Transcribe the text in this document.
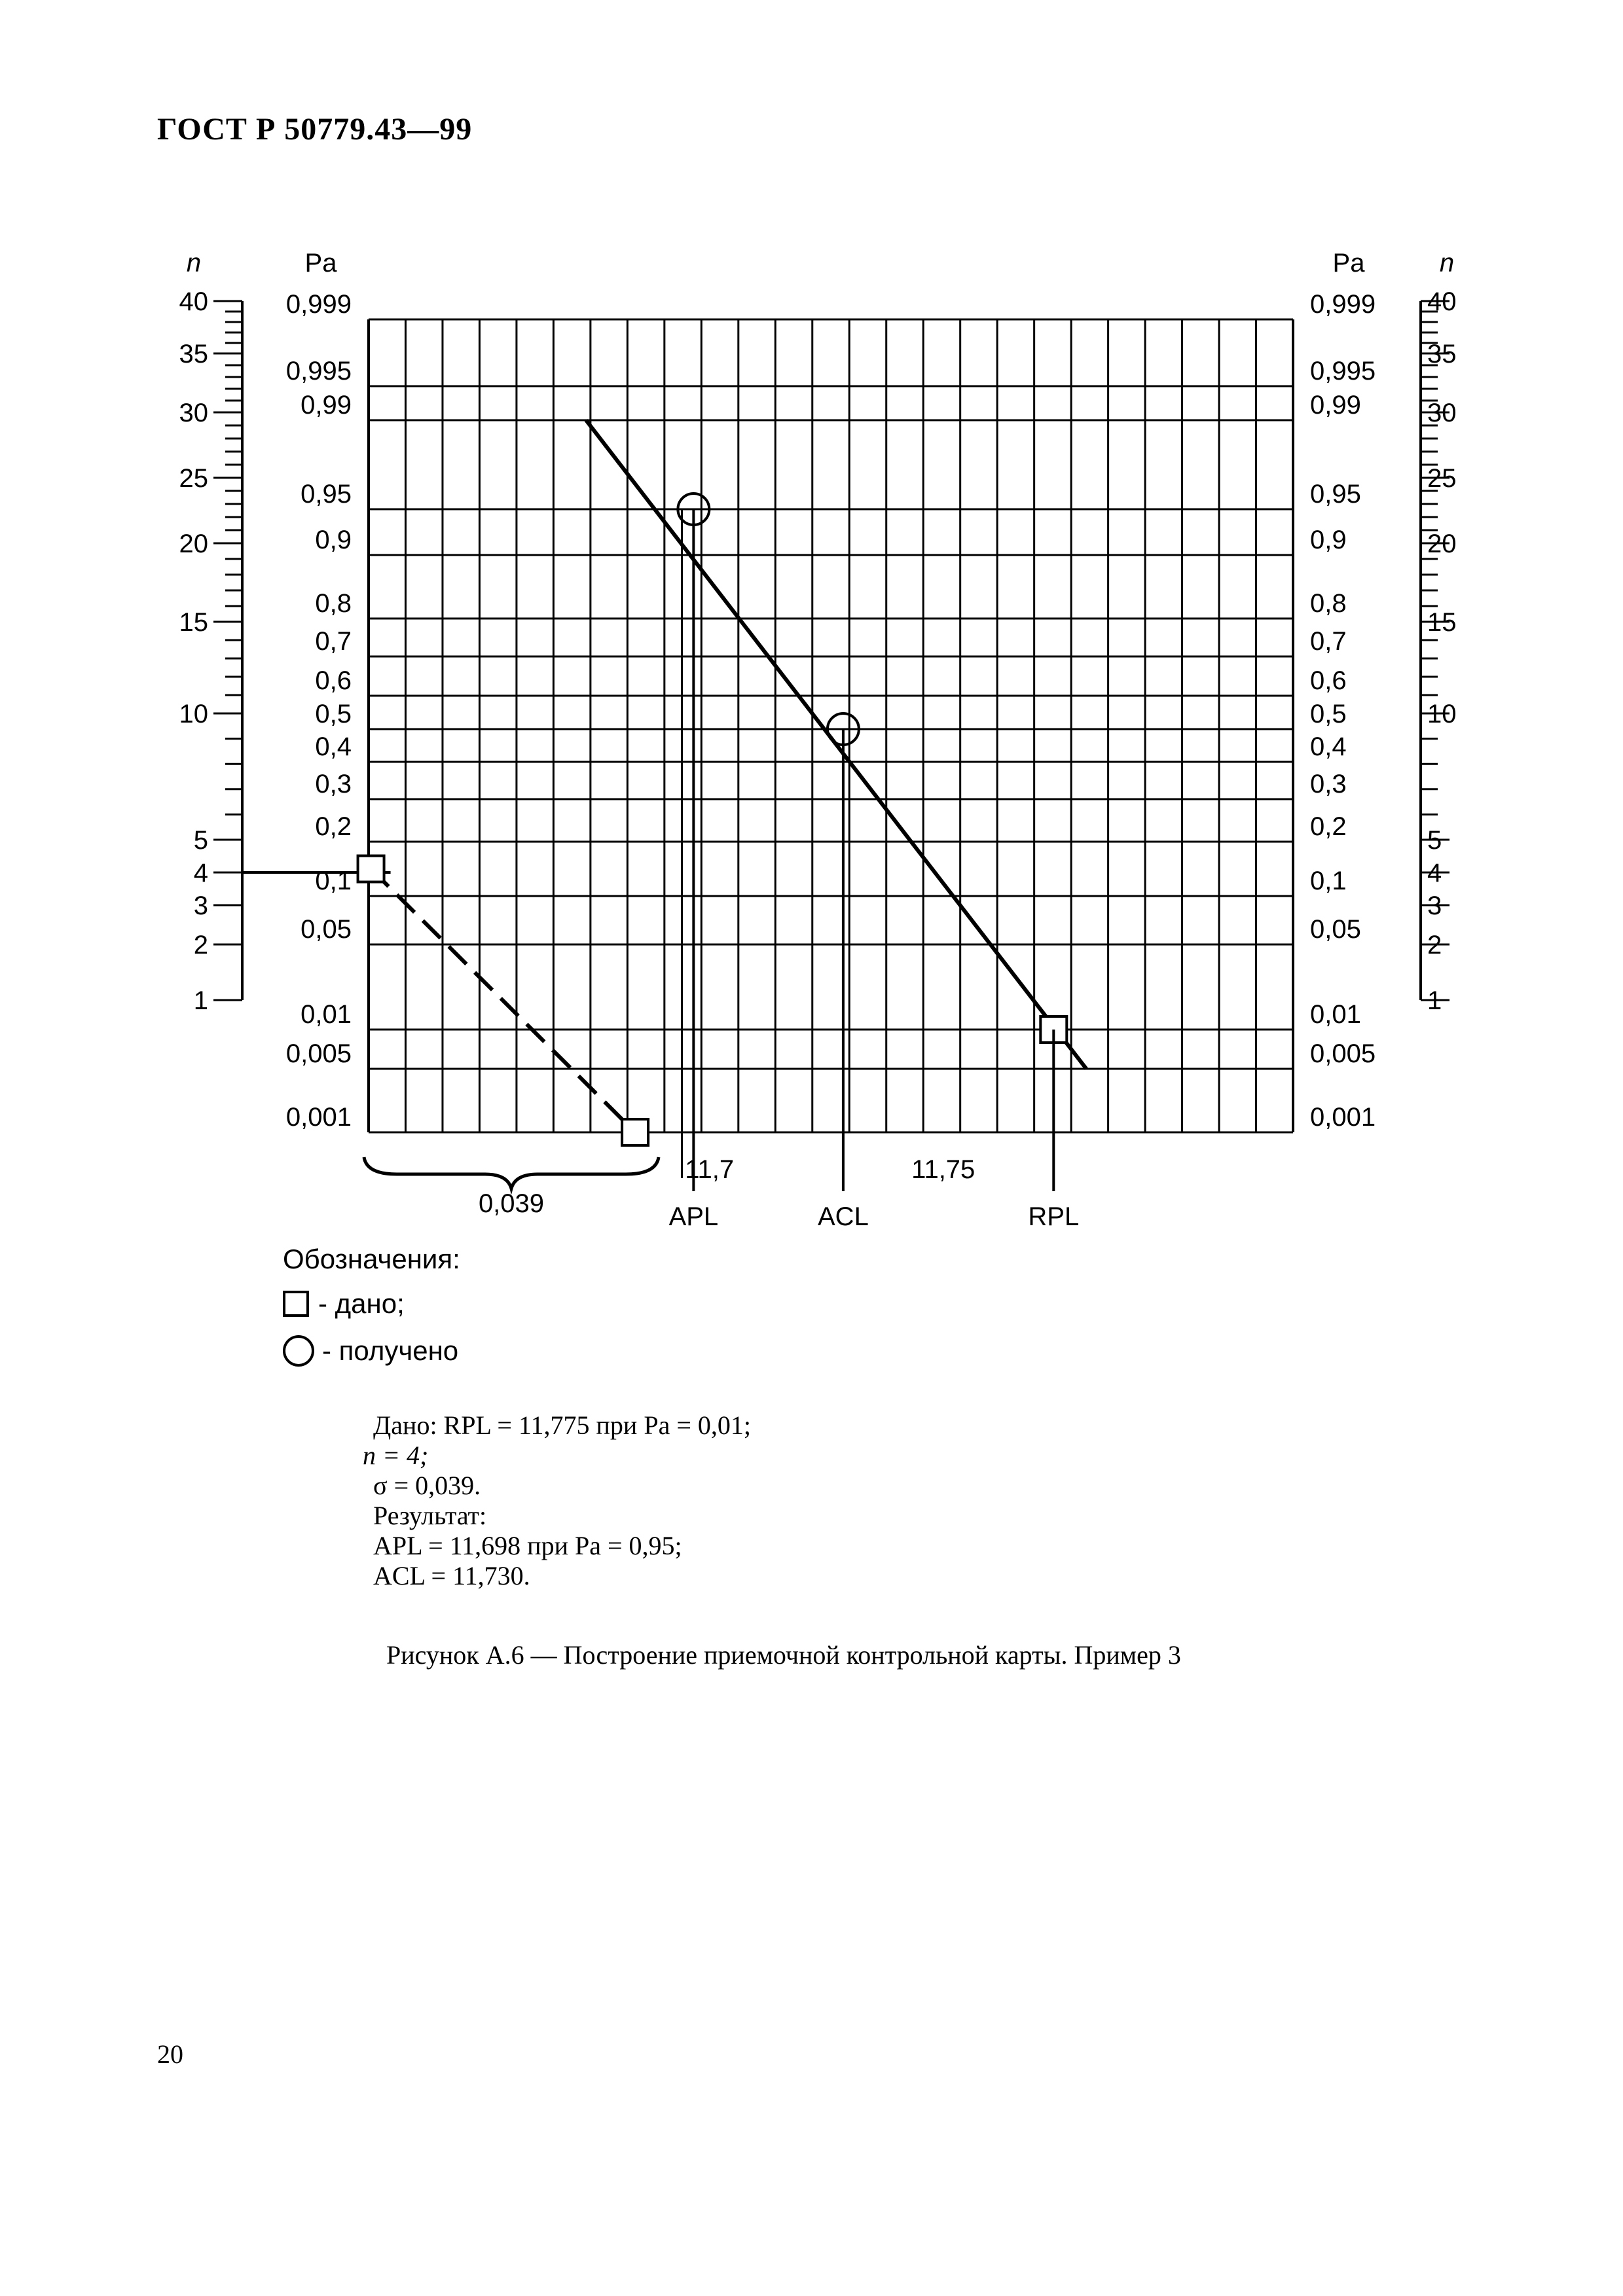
ГОСТ Р 50779.43—99
40
35
30
25
20
15
10
5
4
3
2
1
n
40
35
30
25
20
15
10
5
4
3
2
1
n
0,999	0,999
0,995	0,995
0,99	0,99
0,95	0,95
0,9	0,9
0,8	0,8
0,7	0,7
0,6	0,6
0,5	0,5
0,4	0,4
0,3	0,3
0,2	0,2
0,1	0,1
0,05	0,05
0,01	0,01
0,005	0,005
0,001	0,001
Pa	Pa
APL	ACL	RPL
11,7	11,75
0,039
Обозначения:
- дано;
- получено
Дано: RPL = 11,775 при Pa = 0,01;
n = 4;
σ = 0,039.
Результат:
APL = 11,698 при Pa = 0,95;
ACL = 11,730.
Рисунок А.6 — Построение приемочной контрольной карты. Пример 3
20
